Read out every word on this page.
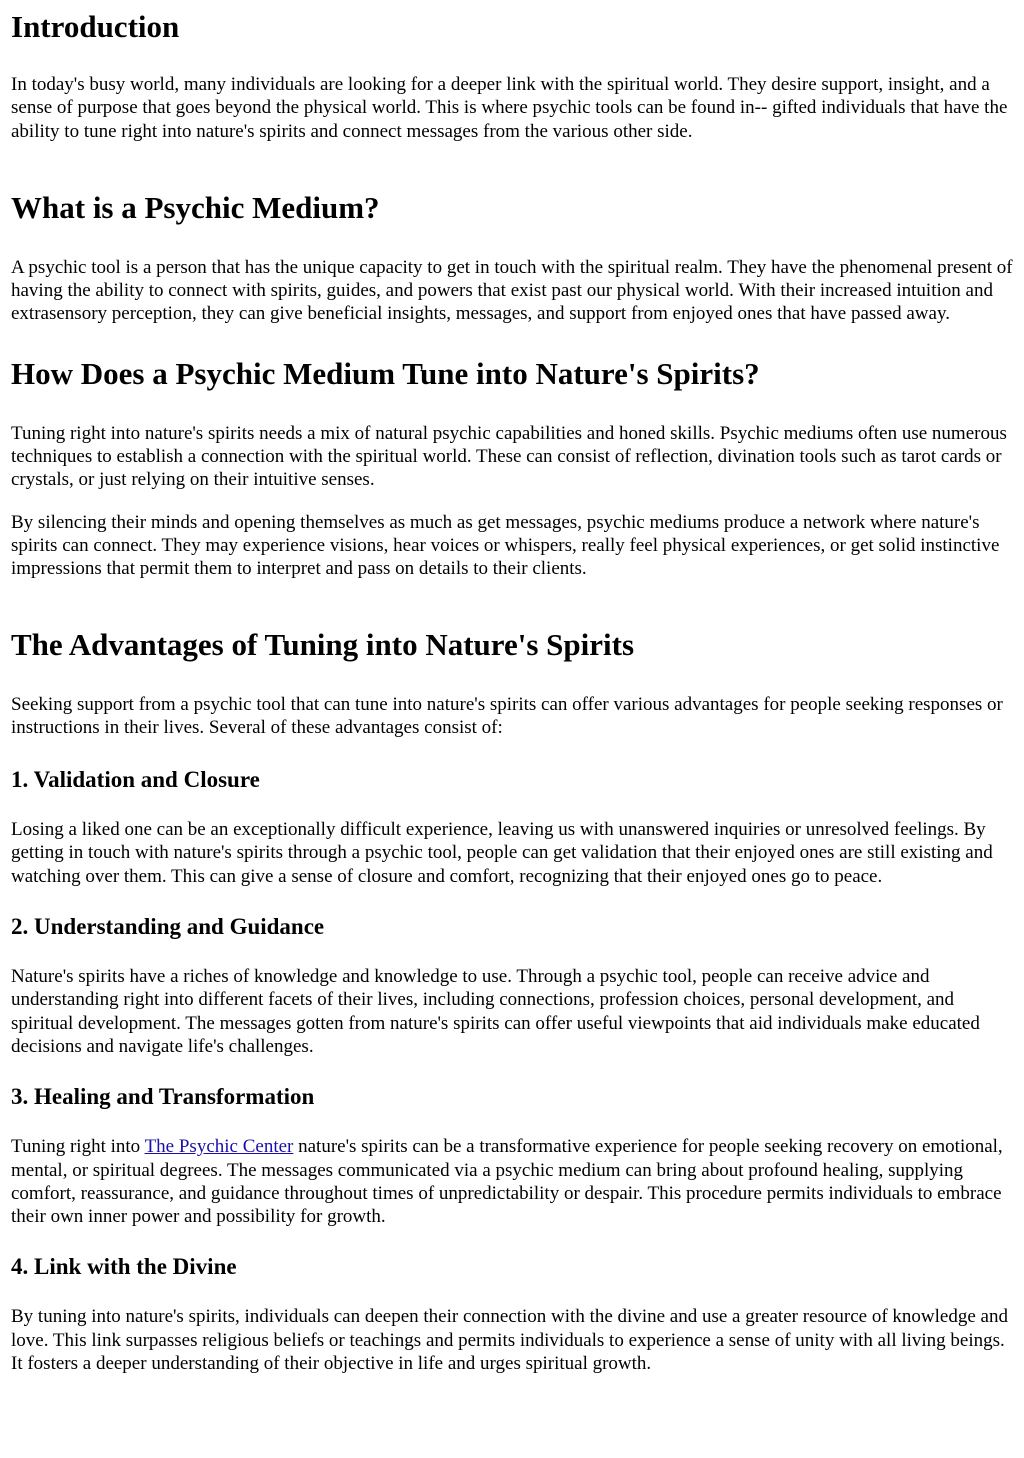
Introduction

In today's busy world, many individuals are looking for a deeper link with the spiritual world. They desire support, insight, and a sense of purpose that goes beyond the physical world. This is where psychic tools can be found in-- gifted individuals that have the ability to tune right into nature's spirits and connect messages from the various other side.

What is a Psychic Medium?

A psychic tool is a person that has the unique capacity to get in touch with the spiritual realm. They have the phenomenal present of having the ability to connect with spirits, guides, and powers that exist past our physical world. With their increased intuition and extrasensory perception, they can give beneficial insights, messages, and support from enjoyed ones that have passed away.

How Does a Psychic Medium Tune into Nature's Spirits?

Tuning right into nature's spirits needs a mix of natural psychic capabilities and honed skills. Psychic mediums often use numerous techniques to establish a connection with the spiritual world. These can consist of reflection, divination tools such as tarot cards or crystals, or just relying on their intuitive senses.

By silencing their minds and opening themselves as much as get messages, psychic mediums produce a network where nature's spirits can connect. They may experience visions, hear voices or whispers, really feel physical experiences, or get solid instinctive impressions that permit them to interpret and pass on details to their clients.

The Advantages of Tuning into Nature's Spirits

Seeking support from a psychic tool that can tune into nature's spirits can offer various advantages for people seeking responses or instructions in their lives. Several of these advantages consist of:

1. Validation and Closure

Losing a liked one can be an exceptionally difficult experience, leaving us with unanswered inquiries or unresolved feelings. By getting in touch with nature's spirits through a psychic tool, people can get validation that their enjoyed ones are still existing and watching over them. This can give a sense of closure and comfort, recognizing that their enjoyed ones go to peace.

2. Understanding and Guidance

Nature's spirits have a riches of knowledge and knowledge to use. Through a psychic tool, people can receive advice and understanding right into different facets of their lives, including connections, profession choices, personal development, and spiritual development. The messages gotten from nature's spirits can offer useful viewpoints that aid individuals make educated decisions and navigate life's challenges.

3. Healing and Transformation

Tuning right into The Psychic Center nature's spirits can be a transformative experience for people seeking recovery on emotional, mental, or spiritual degrees. The messages communicated via a psychic medium can bring about profound healing, supplying comfort, reassurance, and guidance throughout times of unpredictability or despair. This procedure permits individuals to embrace their own inner power and possibility for growth.

4. Link with the Divine

By tuning into nature's spirits, individuals can deepen their connection with the divine and use a greater resource of knowledge and love. This link surpasses religious beliefs or teachings and permits individuals to experience a sense of unity with all living beings. It fosters a deeper understanding of their objective in life and urges spiritual growth.
